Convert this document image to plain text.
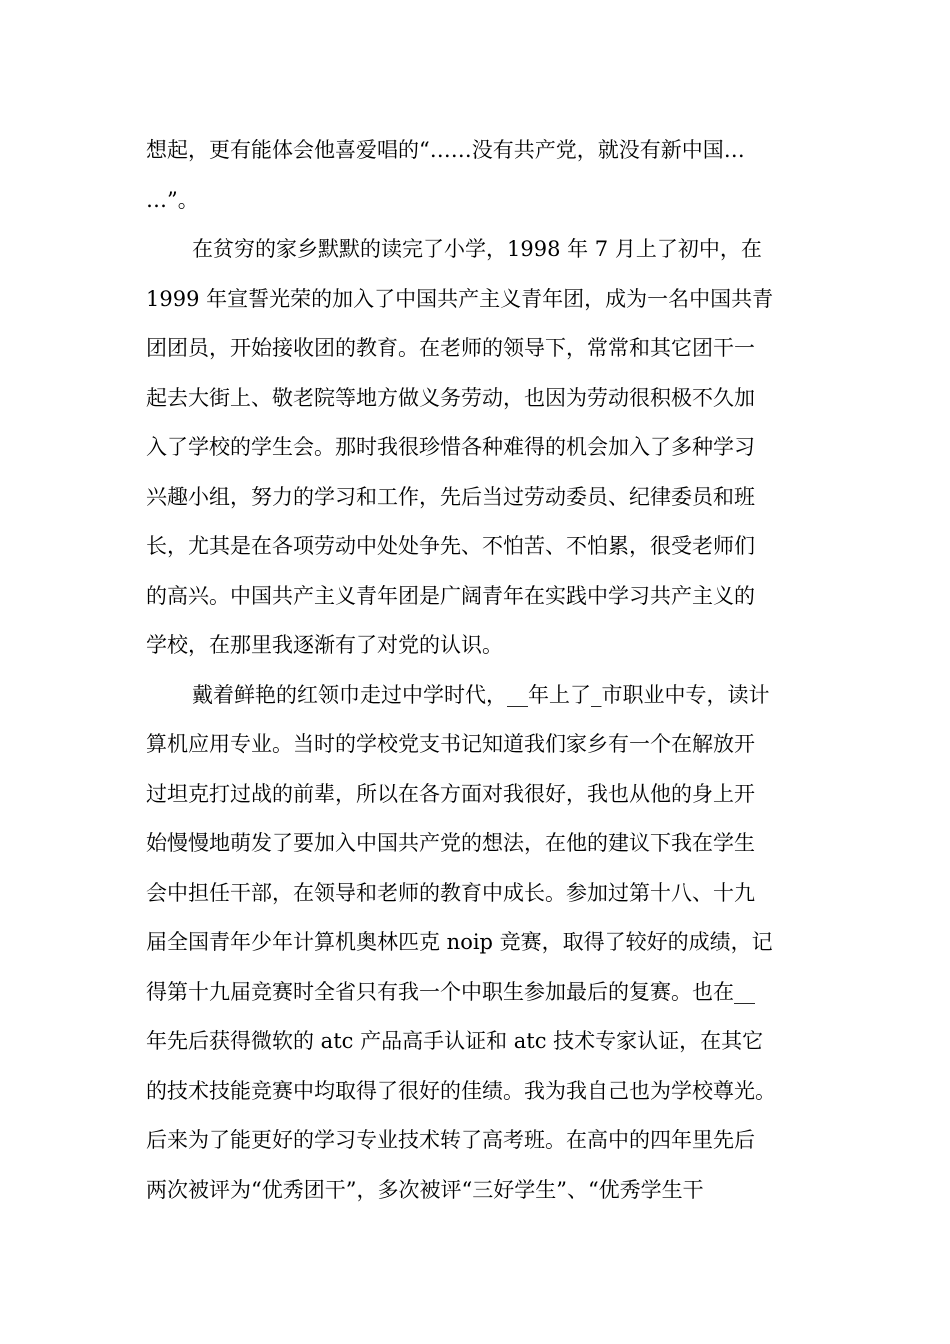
想起，更有能体会他喜爱唱的“……没有共产党，就没有新中国…
…”。
在贫穷的家乡默默的读完了小学，1998 年 7 月上了初中，在
1999 年宣誓光荣的加入了中国共产主义青年团，成为一名中国共青
团团员，开始接收团的教育。在老师的领导下，常常和其它团干一
起去大街上、敬老院等地方做义务劳动，也因为劳动很积极不久加
入了学校的学生会。那时我很珍惜各种难得的机会加入了多种学习
兴趣小组，努力的学习和工作，先后当过劳动委员、纪律委员和班
长，尤其是在各项劳动中处处争先、不怕苦、不怕累，很受老师们
的高兴。中国共产主义青年团是广阔青年在实践中学习共产主义的
学校，在那里我逐渐有了对党的认识。
戴着鲜艳的红领巾走过中学时代，__年上了_市职业中专，读计
算机应用专业。当时的学校党支书记知道我们家乡有一个在解放开
过坦克打过战的前辈，所以在各方面对我很好，我也从他的身上开
始慢慢地萌发了要加入中国共产党的想法，在他的建议下我在学生
会中担任干部，在领导和老师的教育中成长。参加过第十八、十九
届全国青年少年计算机奥林匹克 noip 竞赛，取得了较好的成绩，记
得第十九届竞赛时全省只有我一个中职生参加最后的复赛。也在__
年先后获得微软的 atc 产品高手认证和 atc 技术专家认证，在其它
的技术技能竞赛中均取得了很好的佳绩。我为我自己也为学校尊光。
后来为了能更好的学习专业技术转了高考班。在高中的四年里先后
两次被评为“优秀团干”，多次被评“三好学生”、“优秀学生干
